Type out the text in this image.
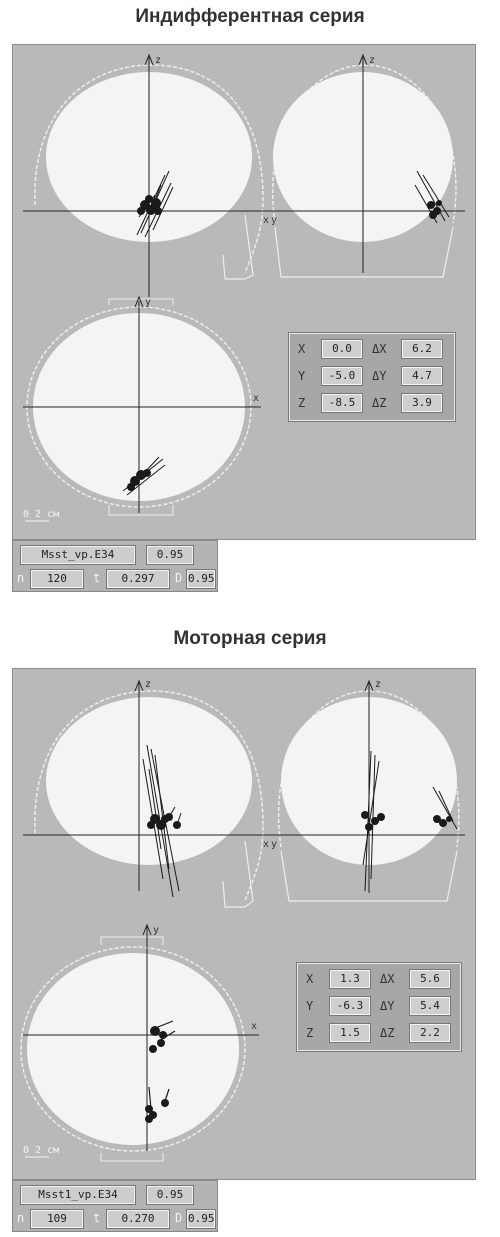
Индифферентная серия
z
x
z
y
y
x
0 2 см
X	0.0	ΔX	6.2
Y	-5.0	ΔY	4.7
Z	-8.5	ΔZ	3.9
Msst_vp.E34	0.95
n	120	t	0.297	D 0.95
Моторная серия
z
x
z
y
y
x
0 2 см
X	1.3	ΔX	5.6
Y	-6.3	ΔY	5.4
Z	1.5	ΔZ	2.2
Msst1_vp.E34	0.95
n	109	t	0.270	D 0.95
